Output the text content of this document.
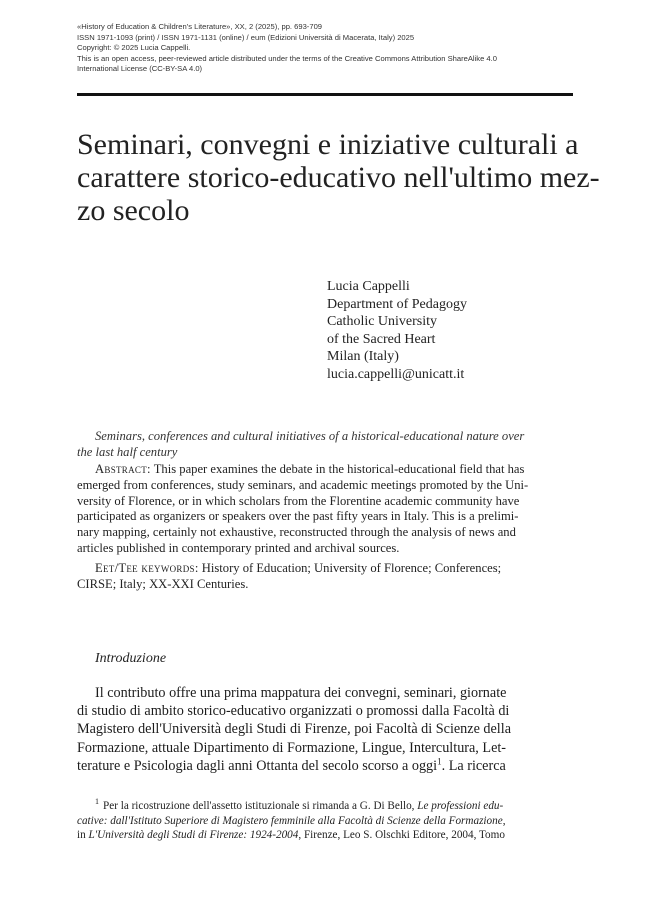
«History of Education & Children's Literature», XX, 2 (2025), pp. 693-709
ISSN 1971-1093 (print) / ISSN 1971-1131 (online) / eum (Edizioni Università di Macerata, Italy) 2025
Copyright: © 2025 Lucia Cappelli.
This is an open access, peer-reviewed article distributed under the terms of the Creative Commons Attribution ShareAlike 4.0
International License (CC-BY-SA 4.0)
Seminari, convegni e iniziative culturali a
carattere storico-educativo nell'ultimo mez-
zo secolo
Lucia Cappelli
Department of Pedagogy
Catholic University
of the Sacred Heart
Milan (Italy)
lucia.cappelli@unicatt.it
Seminars, conferences and cultural initiatives of a historical-educational nature over
the last half century
Abstract: This paper examines the debate in the historical-educational field that has
emerged from conferences, study seminars, and academic meetings promoted by the Uni-
versity of Florence, or in which scholars from the Florentine academic community have
participated as organizers or speakers over the past fifty years in Italy. This is a prelimi-
nary mapping, certainly not exhaustive, reconstructed through the analysis of news and
articles published in contemporary printed and archival sources.
Eet/Tee keywords: History of Education; University of Florence; Conferences;
CIRSE; Italy; XX-XXI Centuries.
Introduzione
Il contributo offre una prima mappatura dei convegni, seminari, giornate
di studio di ambito storico-educativo organizzati o promossi dalla Facoltà di
Magistero dell'Università degli Studi di Firenze, poi Facoltà di Scienze della
Formazione, attuale Dipartimento di Formazione, Lingue, Intercultura, Let-
terature e Psicologia dagli anni Ottanta del secolo scorso a oggi$^1$. La ricerca
$^1$ Per la ricostruzione dell'assetto istituzionale si rimanda a G. Di Bello, Le professioni edu-
cative: dall'Istituto Superiore di Magistero femminile alla Facoltà di Scienze della Formazione,
in L'Università degli Studi di Firenze: 1924-2004, Firenze, Leo S. Olschki Editore, 2004, Tomo
